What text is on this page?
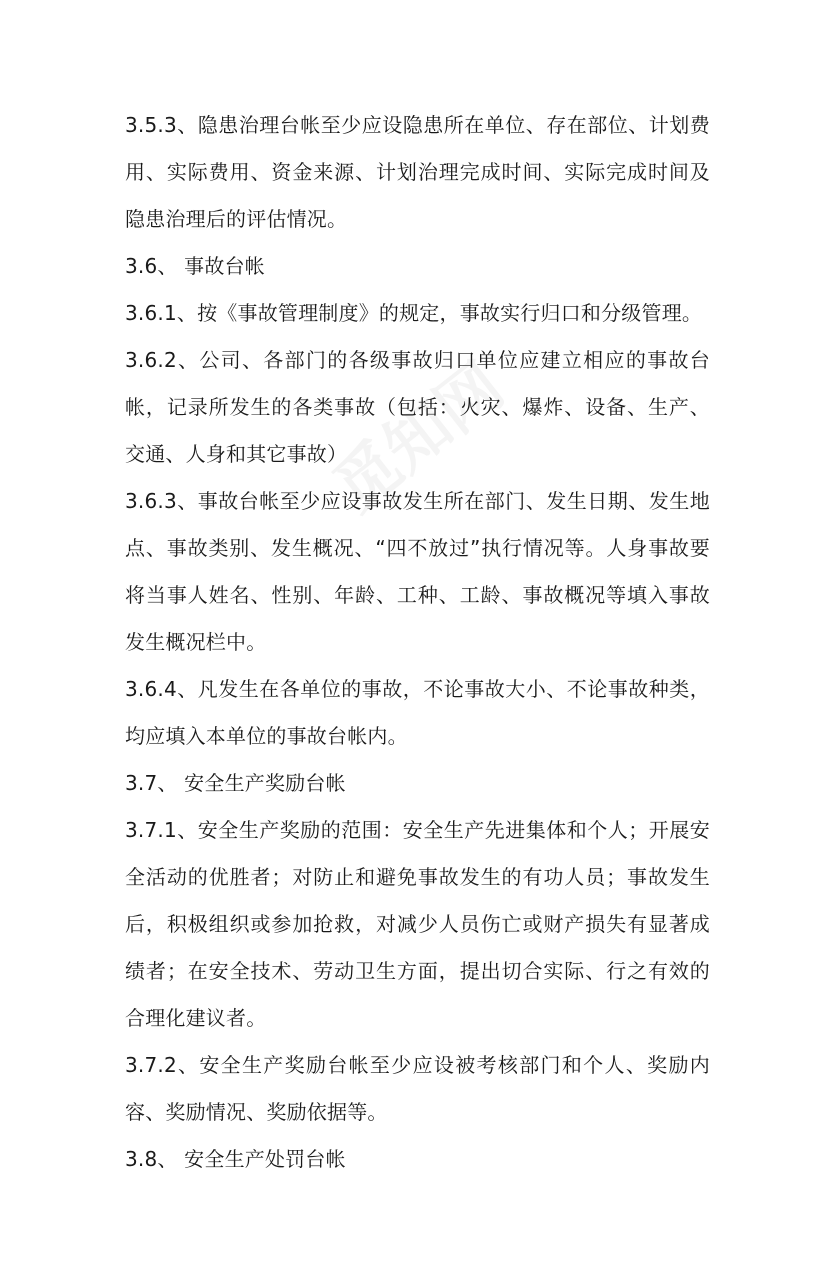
3.5.3、隐患治理台帐至少应设隐患所在单位、存在部位、计划费用、实际费用、资金来源、计划治理完成时间、实际完成时间及隐患治理后的评估情况。

3.6、 事故台帐

3.6.1、按《事故管理制度》的规定，事故实行归口和分级管理。

3.6.2、公司、各部门的各级事故归口单位应建立相应的事故台帐，记录所发生的各类事故（包括：火灾、爆炸、设备、生产、交通、人身和其它事故）

3.6.3、事故台帐至少应设事故发生所在部门、发生日期、发生地点、事故类别、发生概况、“四不放过”执行情况等。人身事故要将当事人姓名、性别、年龄、工种、工龄、事故概况等填入事故发生概况栏中。

3.6.4、凡发生在各单位的事故，不论事故大小、不论事故种类，均应填入本单位的事故台帐内。

3.7、 安全生产奖励台帐

3.7.1、安全生产奖励的范围：安全生产先进集体和个人；开展安全活动的优胜者；对防止和避免事故发生的有功人员；事故发生后，积极组织或参加抢救，对减少人员伤亡或财产损失有显著成绩者；在安全技术、劳动卫生方面，提出切合实际、行之有效的合理化建议者。

3.7.2、安全生产奖励台帐至少应设被考核部门和个人、奖励内容、奖励情况、奖励依据等。

3.8、 安全生产处罚台帐
